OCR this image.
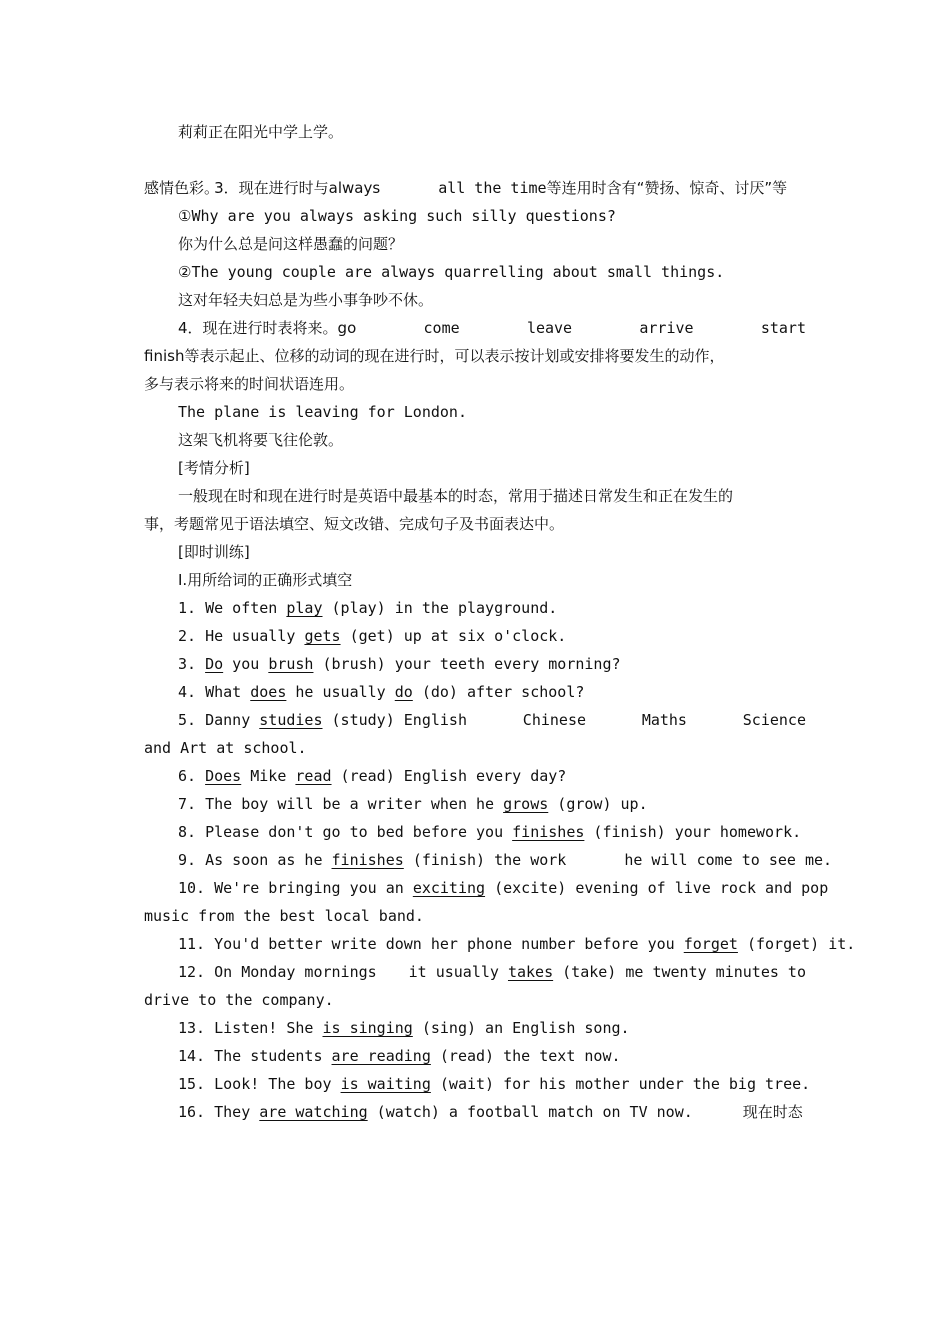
莉莉正在阳光中学上学。

3．现在进行时与always	all the time等连用时含有“赞扬、惊奇、讨厌”等

感情色彩。
①Why are you always asking such silly questions?
你为什么总是问这样愚蠢的问题？
②The young couple are always quarrelling about small things.
这对年轻夫妇总是为些小事争吵不休。
4．现在进行时表将来。go	come	leave	arrive	start
finish等表示起止、位移的动词的现在进行时，可以表示按计划或安排将要发生的动作，
多与表示将来的时间状语连用。
The plane is leaving for London.
这架飞机将要飞往伦敦。
[考情分析]
一般现在时和现在进行时是英语中最基本的时态，常用于描述日常发生和正在发生的
事，考题常见于语法填空、短文改错、完成句子及书面表达中。
[即时训练]
Ⅰ.用所给词的正确形式填空
1. We often play (play) in the playground.
2. He usually gets (get) up at six o'clock.
3. Do you brush (brush) your teeth every morning?
4. What does he usually do (do) after school?
5. Danny studies (study) English	Chinese	Maths	Science
and Art at school.
6. Does Mike read (read) English every day?
7. The boy will be a writer when he grows (grow) up.
8. Please don't go to bed before you finishes (finish) your homework.
9. As soon as he finishes (finish) the work	he will come to see me.
10. We're bringing you an exciting (excite) evening of live rock and pop
music from the best local band.
11. You'd better write down her phone number before you forget (forget) it.
12. On Monday mornings it usually takes (take) me twenty minutes to
drive to the company.
13. Listen! She is singing (sing) an English song.
14. The students are reading (read) the text now.
15. Look! The boy is waiting (wait) for his mother under the big tree.
16. They are watching (watch) a football match on TV now.	现在时态
